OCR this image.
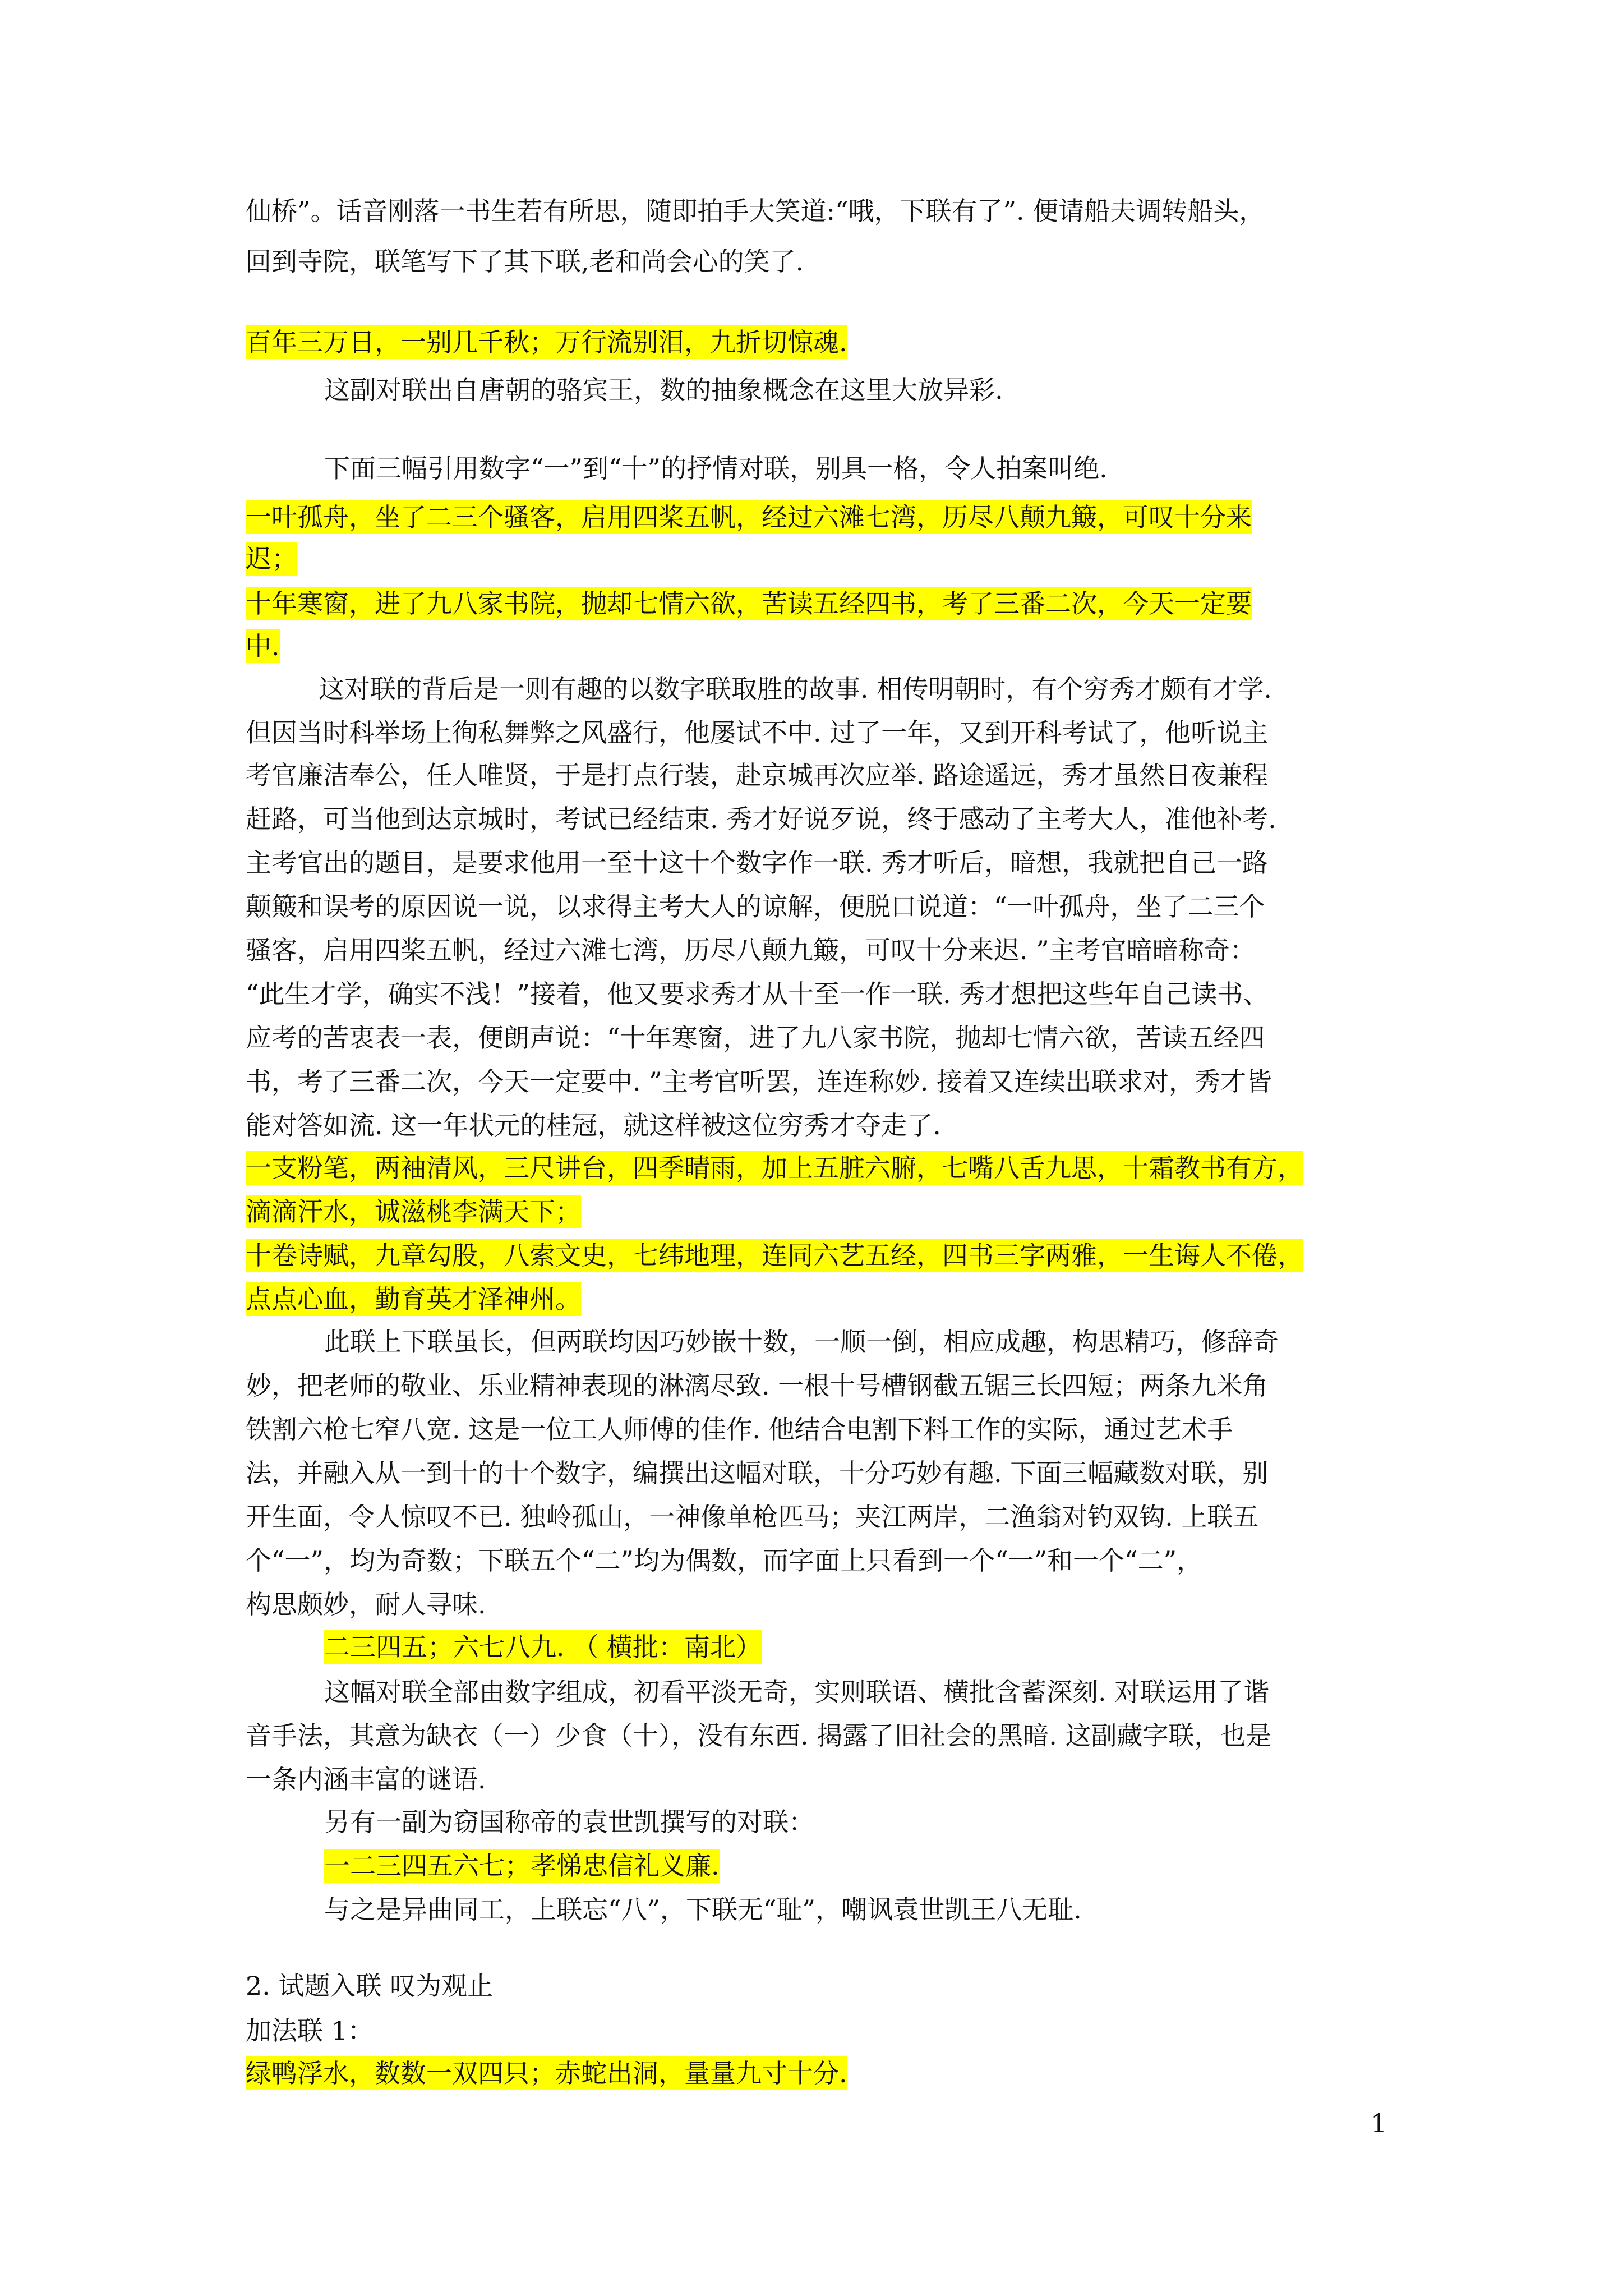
仙桥”。话音刚落一书生若有所思，随即拍手大笑道:“哦，下联有了”. 便请船夫调转船头，
回到寺院，联笔写下了其下联,老和尚会心的笑了.
百年三万日，一别几千秋；万行流别泪，九折切惊魂.
这副对联出自唐朝的骆宾王，数的抽象概念在这里大放异彩.
下面三幅引用数字“一”到“十”的抒情对联，别具一格，令人拍案叫绝.
一叶孤舟，坐了二三个骚客，启用四桨五帆，经过六滩七湾，历尽八颠九簸，可叹十分来
迟；
十年寒窗，进了九八家书院，抛却七情六欲，苦读五经四书，考了三番二次，今天一定要
中.
这对联的背后是一则有趣的以数字联取胜的故事. 相传明朝时，有个穷秀才颇有才学.
但因当时科举场上徇私舞弊之风盛行，他屡试不中. 过了一年，又到开科考试了，他听说主
考官廉洁奉公，任人唯贤，于是打点行装，赴京城再次应举. 路途遥远，秀才虽然日夜兼程
赶路，可当他到达京城时，考试已经结束. 秀才好说歹说，终于感动了主考大人，准他补考.
主考官出的题目，是要求他用一至十这十个数字作一联. 秀才听后，暗想，我就把自己一路
颠簸和误考的原因说一说，以求得主考大人的谅解，便脱口说道：“一叶孤舟，坐了二三个
骚客，启用四桨五帆，经过六滩七湾，历尽八颠九簸，可叹十分来迟. ”主考官暗暗称奇：
“此生才学，确实不浅！”接着，他又要求秀才从十至一作一联. 秀才想把这些年自己读书、
应考的苦衷表一表，便朗声说：“十年寒窗，进了九八家书院，抛却七情六欲，苦读五经四
书，考了三番二次，今天一定要中. ”主考官听罢，连连称妙. 接着又连续出联求对，秀才皆
能对答如流. 这一年状元的桂冠，就这样被这位穷秀才夺走了.
一支粉笔，两袖清风，三尺讲台，四季晴雨，加上五脏六腑，七嘴八舌九思，十霜教书有方，
滴滴汗水，诚滋桃李满天下；
十卷诗赋，九章勾股，八索文史，七纬地理，连同六艺五经，四书三字两雅，一生诲人不倦，
点点心血，勤育英才泽神州。
此联上下联虽长，但两联均因巧妙嵌十数，一顺一倒，相应成趣，构思精巧，修辞奇
妙，把老师的敬业、乐业精神表现的淋漓尽致. 一根十号槽钢截五锯三长四短；两条九米角
铁割六枪七窄八宽. 这是一位工人师傅的佳作. 他结合电割下料工作的实际，通过艺术手
法，并融入从一到十的十个数字，编撰出这幅对联，十分巧妙有趣. 下面三幅藏数对联，别
开生面，令人惊叹不已. 独岭孤山，一神像单枪匹马；夹江两岸，二渔翁对钓双钩. 上联五
个“一”，均为奇数；下联五个“二”均为偶数，而字面上只看到一个“一”和一个“二”，
构思颇妙，耐人寻味.
二三四五；六七八九. （ 横批：南北）
这幅对联全部由数字组成，初看平淡无奇，实则联语、横批含蓄深刻. 对联运用了谐
音手法，其意为缺衣（一）少食（十），没有东西. 揭露了旧社会的黑暗. 这副藏字联，也是
一条内涵丰富的谜语.
另有一副为窃国称帝的袁世凯撰写的对联：
一二三四五六七；孝悌忠信礼义廉.
与之是异曲同工，上联忘“八”，下联无“耻”，嘲讽袁世凯王八无耻.
2. 试题入联 叹为观止
加法联 1：
绿鸭浮水，数数一双四只；赤蛇出洞，量量九寸十分.
1
